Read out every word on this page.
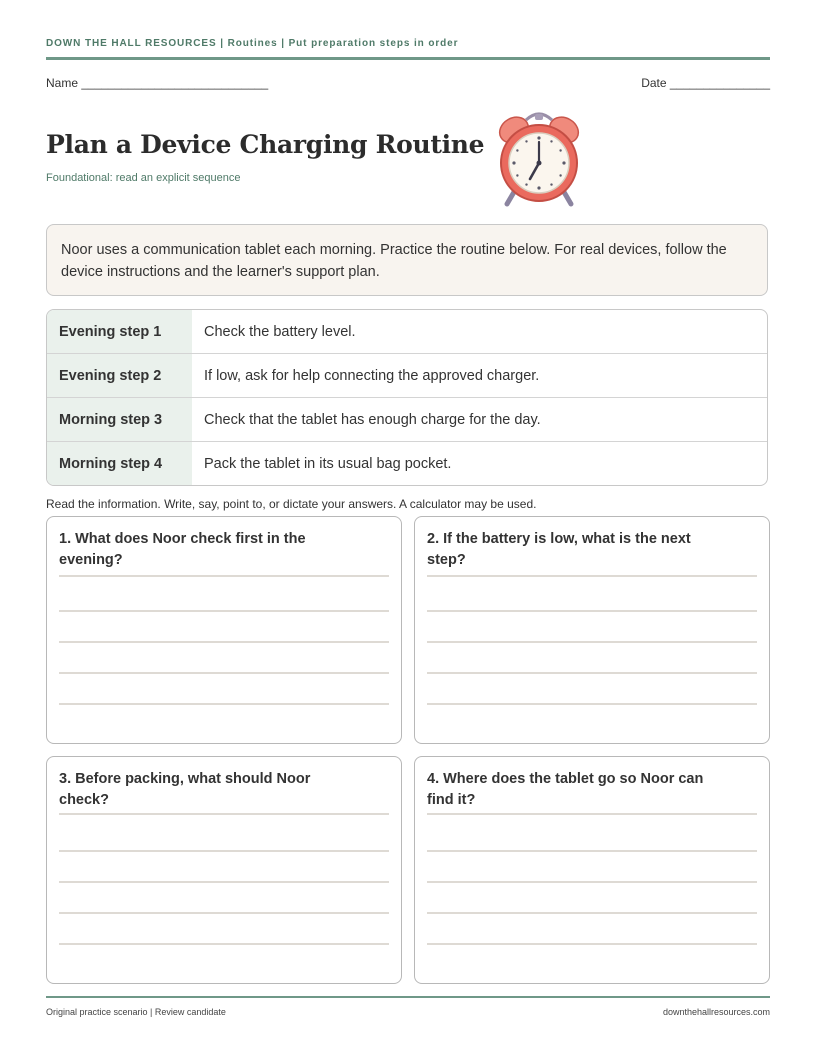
DOWN THE HALL RESOURCES | Routines | Put preparation steps in order
Name ____________________________	Date _______________
Plan a Device Charging Routine
Foundational: read an explicit sequence
Noor uses a communication tablet each morning. Practice the routine below. For real devices, follow the device instructions and the learner's support plan.
Evening step 1	Check the battery level.
Evening step 2	If low, ask for help connecting the approved charger.
Morning step 3	Check that the tablet has enough charge for the day.
Morning step 4	Pack the tablet in its usual bag pocket.
Read the information. Write, say, point to, or dictate your answers. A calculator may be used.
1. What does Noor check first in the evening?
2. If the battery is low, what is the next step?
3. Before packing, what should Noor check?
4. Where does the tablet go so Noor can find it?
Original practice scenario | Review candidate	downthehallresources.com
